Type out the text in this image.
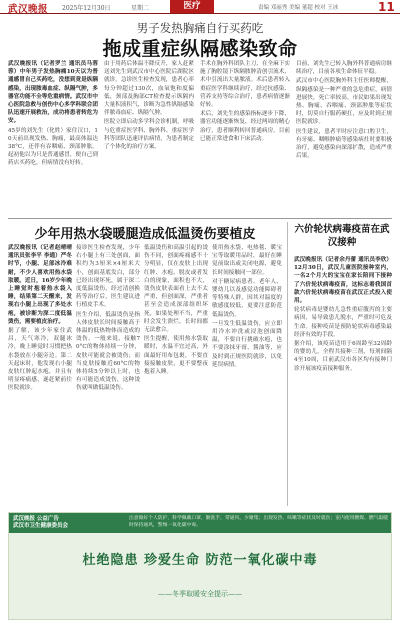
武汉晚报 2025年12月30日	星期二	医疗	责编 邓丽秀 美编 董超 校对 王冰	11
男子发热胸痛自行买药吃
拖成重症纵隔感染致命

武汉晚报讯（记者罗兰 通讯员马蓉蓉）中年男子发热胸痛10天以为普通感冒自己买药吃，没想到竟是纵隔感染，出现脓毒血症、纵隔气肿，多器官功能不全等危重病情。武汉市中心医院急救与创伤中心多学科联合团队迅速开展救治，成功将患者转危为安。

45岁的刘先生（化姓）家住汉口，10天前出现发热、胸痛，最高体温达38°C，还伴有吞咽痛、颈部肿胀。起初他以为只是普通感冒，便自己到药店买药吃，但病情没有好转。

由于用药后体温不降反升，家人赶紧送刘先生到武汉市中心医院后湖院区就诊。急诊医生检查发现，患者心率每分钟超过130次，血氧饱和度偏低，颈部及胸部CT检查提示纵隔内大量积液积气，诊断为急性纵隔感染伴脓毒血症、纵隔气肿。

医院立即启动多学科会诊机制，呼吸与危重症医学科、胸外科、重症医学科等团队迅速评估病情，为患者制定了个体化的治疗方案。

手术在胸外科团队主刀，在全麻下实施了胸腔镜下纵隔脓肿清创引流术，术中引流出大量脓液。术后患者转入重症医学科继续治疗，经过抗感染、营养支持等综合治疗，患者病情逐渐好转。

术后，刘先生的感染指标逐步下降，器官功能逐渐恢复，经过两周的精心治疗，患者顺利转回普通病房，目前已能正常进食和下床活动。

目前，刘先生已转入胸外科普通病房继续治疗，目前各项生命体征平稳。

武汉市中心医院胸外科主任医师提醒，纵隔感染是一种严重的急危重症，病情进展快，死亡率较高。市民如果出现发热、胸痛、吞咽痛、颈部肿胀等症状时，切莫自行服药硬扛，应及时到正规医院就诊。

医生建议，患者平时应注意口腔卫生，有牙痛、咽喉肿痛等感染病灶时要积极治疗，避免感染向深部扩散，造成严重后果。

少年用热水袋暖腿造成低温烫伤要植皮

武汉晚报讯（记者赵晴晴 通讯员张李平 李通）严冬时节，小腿、足部冰冷难耐，不少人喜欢用热水袋取暖。近日，16岁少年晚上睡觉时抱着热水袋入睡，结果第二天醒来，发现右小腿上出现了多处水疱，被诊断为深二度低温烫伤，需要植皮治疗。

据了解，该少年家住武昌，天气寒冷，双腿冰冷，晚上睡觉时习惯把热水袋放在小腿旁边。第二天起床时，他发现右小腿皮肤红肿起水疱，并且有明显疼痛感，遂赶紧前往医院就诊。

接诊医生检查发现，少年右小腿上有三处创面，面积约为3厘米×4厘米大小，创面基底发白，部分已经出现坏死，属于深二度低温烫伤，经过清创换药等治疗后，医生建议进行植皮手术。

医生介绍，低温烫伤是指人体皮肤长时间接触高于体温的低热物体而造成的烫伤。一般来说，接触70°C的物体持续一分钟，皮肤可能就会被烫伤；而当皮肤接触近60°C的物体持续5分钟以上时，也有可能造成烫伤，这种烫伤就叫做低温烫伤。

低温烫伤和高温引起的烫伤不同，创面疼痛感不十分明显，仅在皮肤上出现红肿、水疱、脱皮或者发白的现象，面积也不大，烫伤皮肤表面看上去不太严重，但创面深，严重者甚至会造成深部组织坏死，如果处理不当，严重时会发生溃烂，长时间都无法愈合。

医生提醒，使用热水袋取暖时，水温不宜过高，外面最好用布包裹，不要直接接触皮肤，更不要整夜抱着入睡。

使用热水袋、电热毯、暖宝宝等取暖用品时，最好在睡觉前取出或关闭电源，避免长时间接触同一部位。

对于糖尿病患者、老年人、婴幼儿以及感觉功能障碍者等特殊人群，因其对温度的敏感度较低，更要注意防范低温烫伤。

一旦发生低温烫伤，应立即用冷水冲洗或浸泡创面降温，不要自行挑破水疱，也不要涂抹牙膏、酱油等，应及时到正规医院就诊，以免延误病情。

六价轮状病毒疫苗在武汉接种

武汉晚报讯（记者余丹蕾 通讯员李欣）12月30日，武汉儿童医院接种室内，一名2个月大的宝宝在家长陪同下接种了六价轮状病毒疫苗，这标志着我国首款六价轮状病毒疫苗在武汉正式投入使用。

轮状病毒是婴幼儿急性重症腹泻的主要病因，易导致患儿脱水，严重时可危及生命。接种疫苗是预防轮状病毒感染最经济有效的手段。

据介绍，该疫苗适用于6周龄至32周龄的婴幼儿，全程共接种三剂，每剂间隔4至10周，目前武汉市各区均有接种门诊开展该疫苗接种服务。

武汉晚报 公益广告
武汉市卫生健康委员会
注意做好个人防护，科学佩戴口罩，勤洗手，常通风，少聚集；出现发热、咳嗽等症状及时就医；室内使用燃煤、燃气取暖时保持通风，警惕一氧化碳中毒。
杜绝隐患 珍爱生命 防范一氧化碳中毒
——冬季取暖安全提示——
